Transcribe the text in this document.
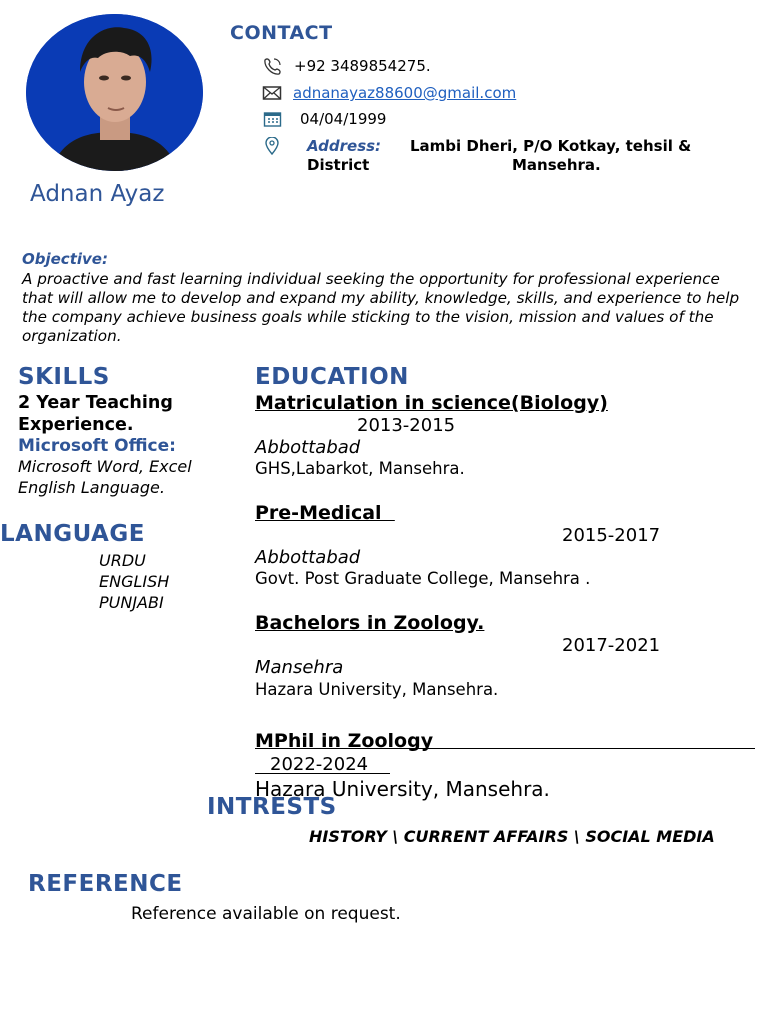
Adnan Ayaz
CONTACT
+92 3489854275.
adnanayaz88600@gmail.com
04/04/1999
Address: Lambi Dheri, P/O Kotkay, tehsil &
District	Mansehra.
Objective:
A proactive and fast learning individual seeking the opportunity for professional experience that will allow me to develop and expand my ability, knowledge, skills, and experience to help the company achieve business goals while sticking to the vision, mission and values of the organization.
SKILLS
2 Year Teaching
Experience.
Microsoft Office:
Microsoft Word, Excel
English Language.
LANGUAGE
URDU
ENGLISH
PUNJABI
EDUCATION
Matriculation in science(Biology)
2013-2015
Abbottabad
GHS,Labarkot, Mansehra.
Pre-Medical
2015-2017
Abbottabad
Govt. Post Graduate College, Mansehra .
Bachelors in Zoology.
2017-2021
Mansehra
Hazara University, Mansehra.
MPhil in Zoology
2022-2024
Hazara University, Mansehra.
INTRESTS
HISTORY \ CURRENT AFFAIRS \ SOCIAL MEDIA
REFERENCE
Reference available on request.
